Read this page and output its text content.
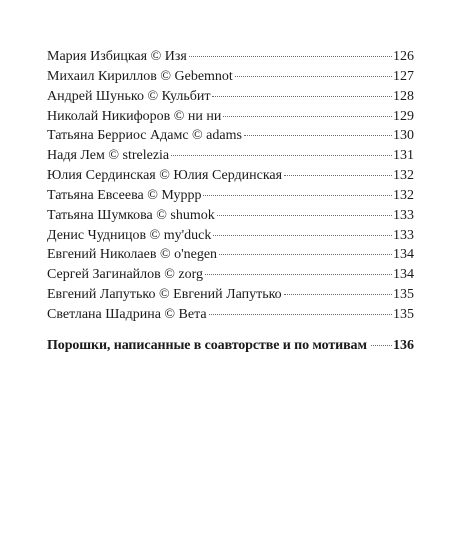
Мария Избицкая © Изя	126
Михаил Кириллов © Gebemnot	127
Андрей Шунько © Кульбит	128
Николай Никифоров © ни ни	129
Татьяна Берриос Адамс © adams	130
Надя Лем © strelezia	131
Юлия Сердинская © Юлия Сердинская	132
Татьяна Евсеева © Мурpp	132
Татьяна Шумкова © shumok	133
Денис Чудницов © my'duck	133
Евгений Николаев © o'negen	134
Сергей Загинайлов © zorg	134
Евгений Лапутько © Евгений Лапутько	135
Светлана Шадрина © Вета	135
Порошки, написанные в соавторстве и по мотивам 136
